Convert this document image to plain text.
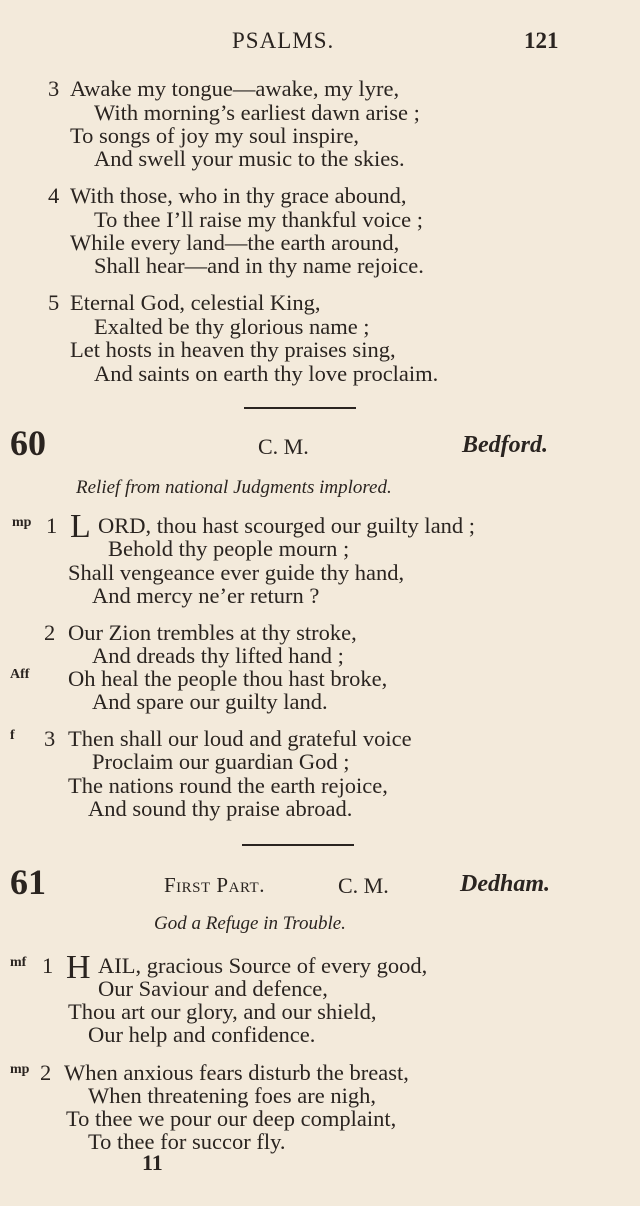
PSALMS.	121
3 Awake my tongue—awake, my lyre,
With morning’s earliest dawn arise ;
To songs of joy my soul inspire,
And swell your music to the skies.
4 With those, who in thy grace abound,
To thee I’ll raise my thankful voice ;
While every land—the earth around,
Shall hear—and in thy name rejoice.
5 Eternal God, celestial King,
Exalted be thy glorious name ;
Let hosts in heaven thy praises sing,
And saints on earth thy love proclaim.
60	C. M.	Bedford.
Relief from national Judgments implored.
mp 1 L ORD, thou hast scourged our guilty land ;
Behold thy people mourn ;
Shall vengeance ever guide thy hand,
And mercy ne’er return ?
2 Our Zion trembles at thy stroke,
And dreads thy lifted hand ;
Aff Oh heal the people thou hast broke,
And spare our guilty land.
f 3 Then shall our loud and grateful voice
Proclaim our guardian God ;
The nations round the earth rejoice,
And sound thy praise abroad.
61	First Part.	C. M.	Dedham.
God a Refuge in Trouble.
mf 1 H AIL, gracious Source of every good,
Our Saviour and defence,
Thou art our glory, and our shield,
Our help and confidence.
mp 2 When anxious fears disturb the breast,
When threatening foes are nigh,
To thee we pour our deep complaint,
To thee for succor fly.
11
